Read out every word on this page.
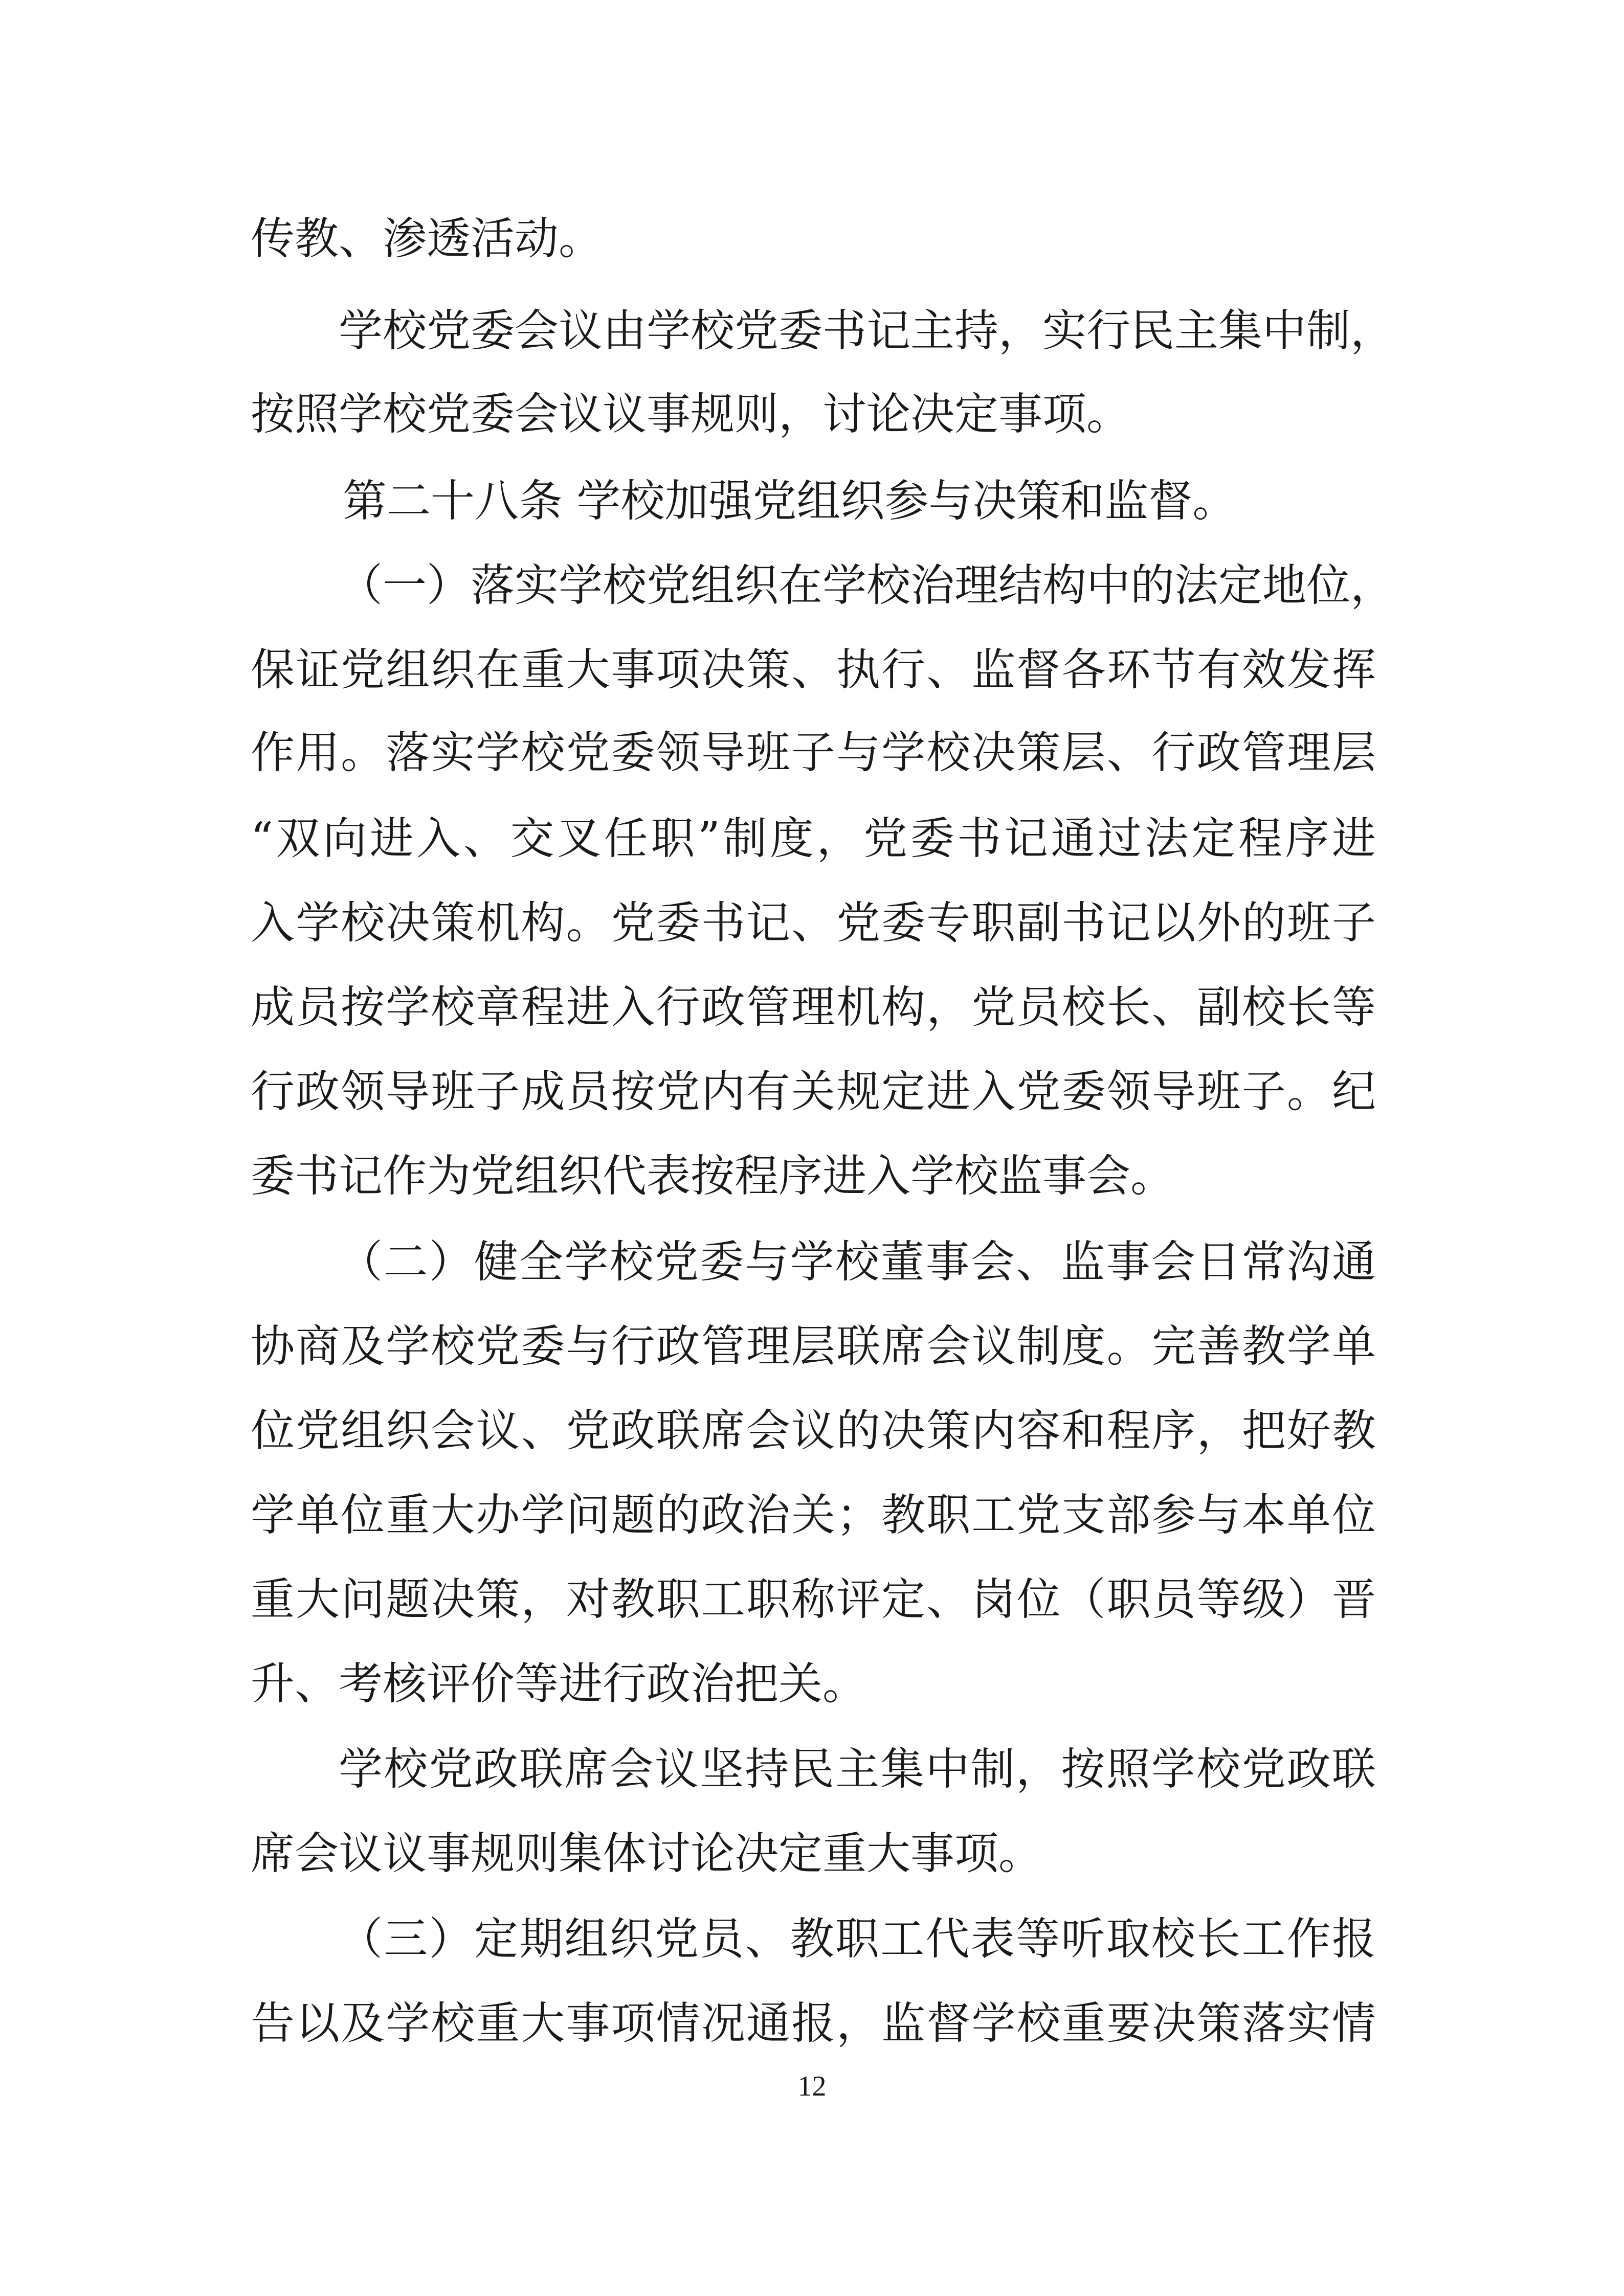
传教、渗透活动。
学校党委会议由学校党委书记主持，实行民主集中制，
按照学校党委会议议事规则，讨论决定事项。
第二十八条 学校加强党组织参与决策和监督。
（一）落实学校党组织在学校治理结构中的法定地位，
保证党组织在重大事项决策、执行、监督各环节有效发挥
作用。落实学校党委领导班子与学校决策层、行政管理层
“双向进入、交叉任职”制度，党委书记通过法定程序进
入学校决策机构。党委书记、党委专职副书记以外的班子
成员按学校章程进入行政管理机构，党员校长、副校长等
行政领导班子成员按党内有关规定进入党委领导班子。纪
委书记作为党组织代表按程序进入学校监事会。
（二）健全学校党委与学校董事会、监事会日常沟通
协商及学校党委与行政管理层联席会议制度。完善教学单
位党组织会议、党政联席会议的决策内容和程序，把好教
学单位重大办学问题的政治关；教职工党支部参与本单位
重大问题决策，对教职工职称评定、岗位（职员等级）晋
升、考核评价等进行政治把关。
学校党政联席会议坚持民主集中制，按照学校党政联
席会议议事规则集体讨论决定重大事项。
（三）定期组织党员、教职工代表等听取校长工作报
告以及学校重大事项情况通报，监督学校重要决策落实情
12
